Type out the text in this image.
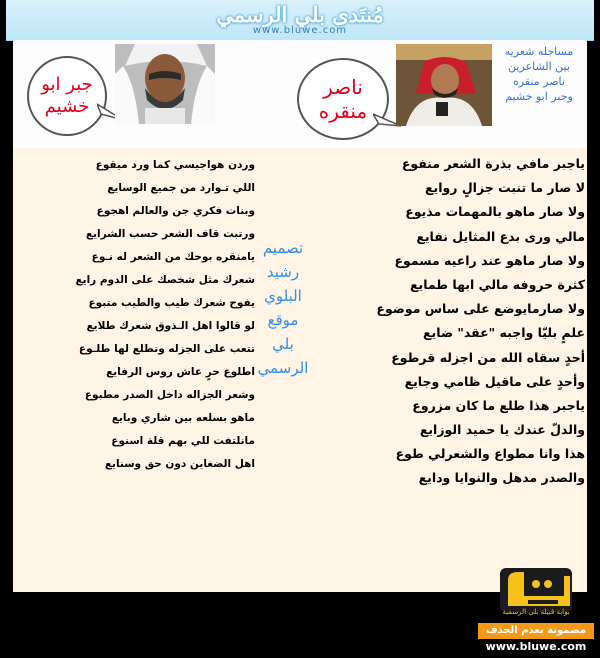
مُنتَدى بلي الرسمي
www.bluwe.com
جبر ابو خشيم
ناصر منقره
مساجله شعريه
بين الشاعرين
ناصر منقره
وجبر ابو خشيم
ياجبر مافي بذرة الشعر منفوع
لا صار ما تنبت جزالٍ روايع
ولا صار ماهو بالمهمات مذيوع
مالي ورى بدع المثايل نفايع
ولا صار ماهو عند راعيه مسموع
كثرة حروفه مالي ابها طمايع
ولا صارمايوضع على ساس موضوع
علمٍ بليّا واجبه "عقد" ضايع
أحدٍ سقاه الله من اجزله قرطوع
وأحدٍ على ماقيل ظامي وجايع
ياجبر هذا طلع ما كان مزروع
والدلّ عندك يا حميد الوزايع
هذا وانا مطواع والشعرلي طوع
والصدر مدهل والنوايا ودايع
تصميم
رشيد
البلوي
موقع
بلي
الرسمي
وردن هواجيسي كما ورد ميقوع
اللي تـوارد من جميع الوسايع
وبنات فكري جن والعالم اهجوع
ورتبت قاف الشعر حسب الشرايع
يامنقره بوحك من الشعر له نـوع
شعرك مثل شخصك على الدوم رايع
يفوح شعرك طيب والطيب متبوع
لو قالوا اهل الـذوق شعرك طلايع
تتعب على الجزله وتطلع لها طلـوع
اطلوع حرٍ عاش روس الرفايع
وشعر الجزاله داخل الصدر مطبوع
ماهو بسلعه بين شاري وبايع
مانلتفت للي بهم قلة اسنوع
اهل الضغاين دون حق وسنايع
بوابة قبيلة بلي الرسمية
مضمونة بعدم الحذف
www.bluwe.com
